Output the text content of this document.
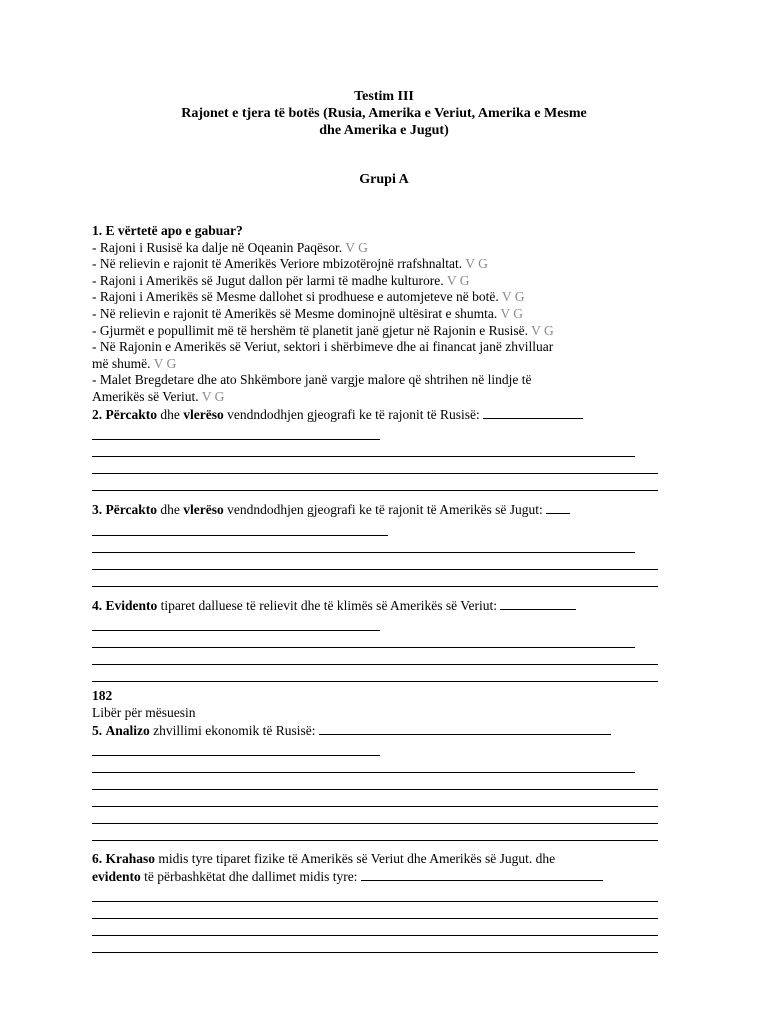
Testim III
Rajonet e tjera të botës (Rusia, Amerika e Veriut, Amerika e Mesme
dhe Amerika e Jugut)
Grupi A
1. E vërtetë apo e gabuar?
- Rajoni i Rusisë ka dalje në Oqeanin Paqësor. V G
- Në relievin e rajonit të Amerikës Veriore mbizotërojnë rrafshnaltat. V G
- Rajoni i Amerikës së Jugut dallon për larmi të madhe kulturore. V G
- Rajoni i Amerikës së Mesme dallohet si prodhuese e automjeteve në botë. V G
- Në relievin e rajonit të Amerikës së Mesme dominojnë ultësirat e shumta. V G
- Gjurmët e popullimit më të hershëm të planetit janë gjetur në Rajonin e Rusisë. V G
- Në Rajonin e Amerikës së Veriut, sektori i shërbimeve dhe ai financat janë zhvilluar
më shumë. V G
- Malet Bregdetare dhe ato Shkëmbore janë vargje malore që shtrihen në lindje të
Amerikës së Veriut. V G
2. Përcakto dhe vlerëso vendndodhjen gjeografi ke të rajonit të Rusisë:
3. Përcakto dhe vlerëso vendndodhjen gjeografi ke të rajonit të Amerikës së Jugut:
4. Evidento tiparet dalluese të relievit dhe të klimës së Amerikës së Veriut:
182
Libër për mësuesin
5. Analizo zhvillimi ekonomik të Rusisë:
6. Krahaso midis tyre tiparet fizike të Amerikës së Veriut dhe Amerikës së Jugut. dhe
evidento të përbashkëtat dhe dallimet midis tyre:
